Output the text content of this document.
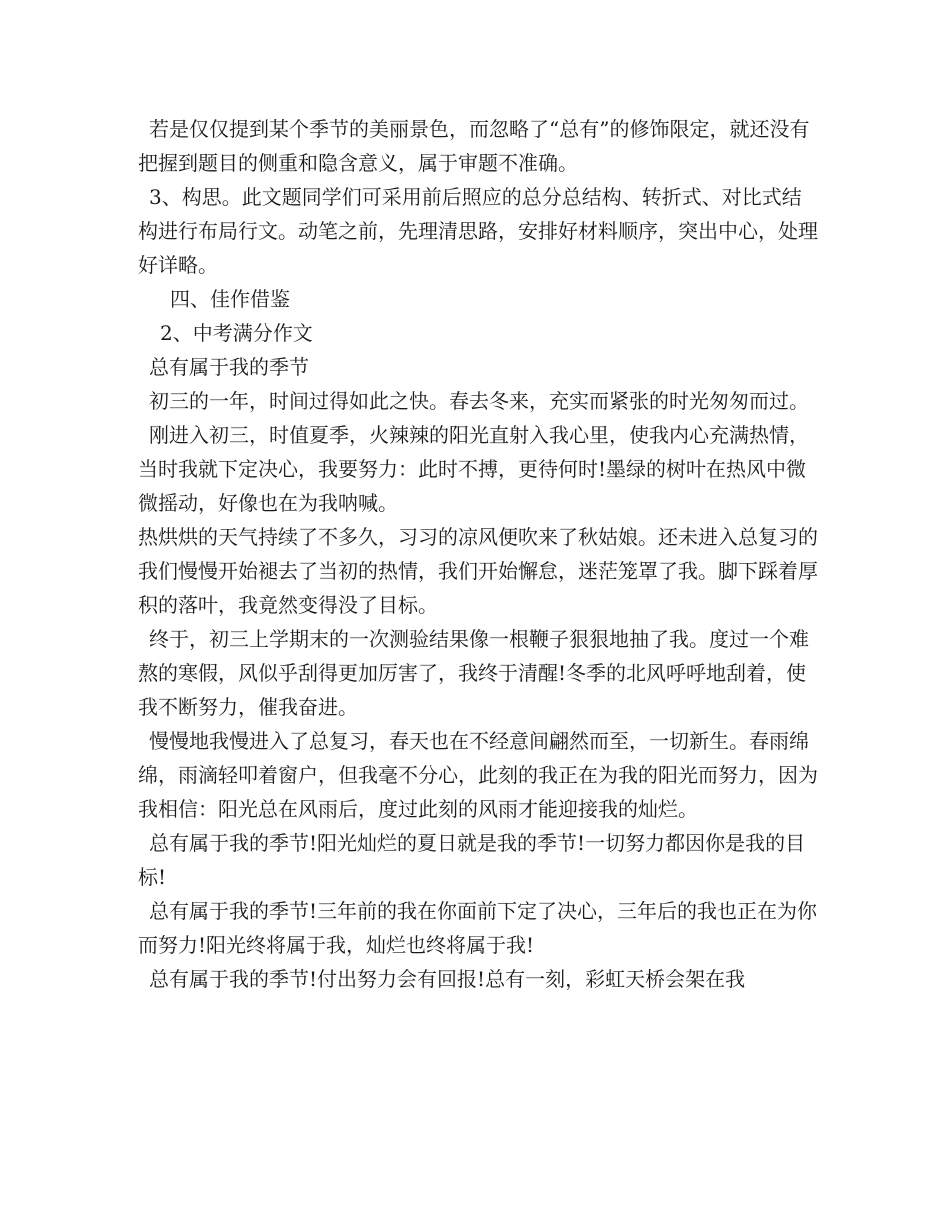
若是仅仅提到某个季节的美丽景色，而忽略了“总有”的修饰限定，就还没有把握到题目的侧重和隐含意义，属于审题不准确。

3、构思。此文题同学们可采用前后照应的总分总结构、转折式、对比式结构进行布局行文。动笔之前，先理清思路，安排好材料顺序，突出中心，处理好详略。

四、佳作借鉴

2、中考满分作文

总有属于我的季节

初三的一年，时间过得如此之快。春去冬来，充实而紧张的时光匆匆而过。

刚进入初三，时值夏季，火辣辣的阳光直射入我心里，使我内心充满热情，当时我就下定决心，我要努力：此时不搏，更待何时!墨绿的树叶在热风中微微摇动，好像也在为我呐喊。

热烘烘的天气持续了不多久，习习的凉风便吹来了秋姑娘。还未进入总复习的我们慢慢开始褪去了当初的热情，我们开始懈怠，迷茫笼罩了我。脚下踩着厚积的落叶，我竟然变得没了目标。

终于，初三上学期末的一次测验结果像一根鞭子狠狠地抽了我。度过一个难熬的寒假，风似乎刮得更加厉害了，我终于清醒!冬季的北风呼呼地刮着，使我不断努力，催我奋进。

慢慢地我慢进入了总复习，春天也在不经意间翩然而至，一切新生。春雨绵绵，雨滴轻叩着窗户，但我毫不分心，此刻的我正在为我的阳光而努力，因为我相信：阳光总在风雨后，度过此刻的风雨才能迎接我的灿烂。

总有属于我的季节!阳光灿烂的夏日就是我的季节!一切努力都因你是我的目标!

总有属于我的季节!三年前的我在你面前下定了决心，三年后的我也正在为你而努力!阳光终将属于我，灿烂也终将属于我!

总有属于我的季节!付出努力会有回报!总有一刻，彩虹天桥会架在我
